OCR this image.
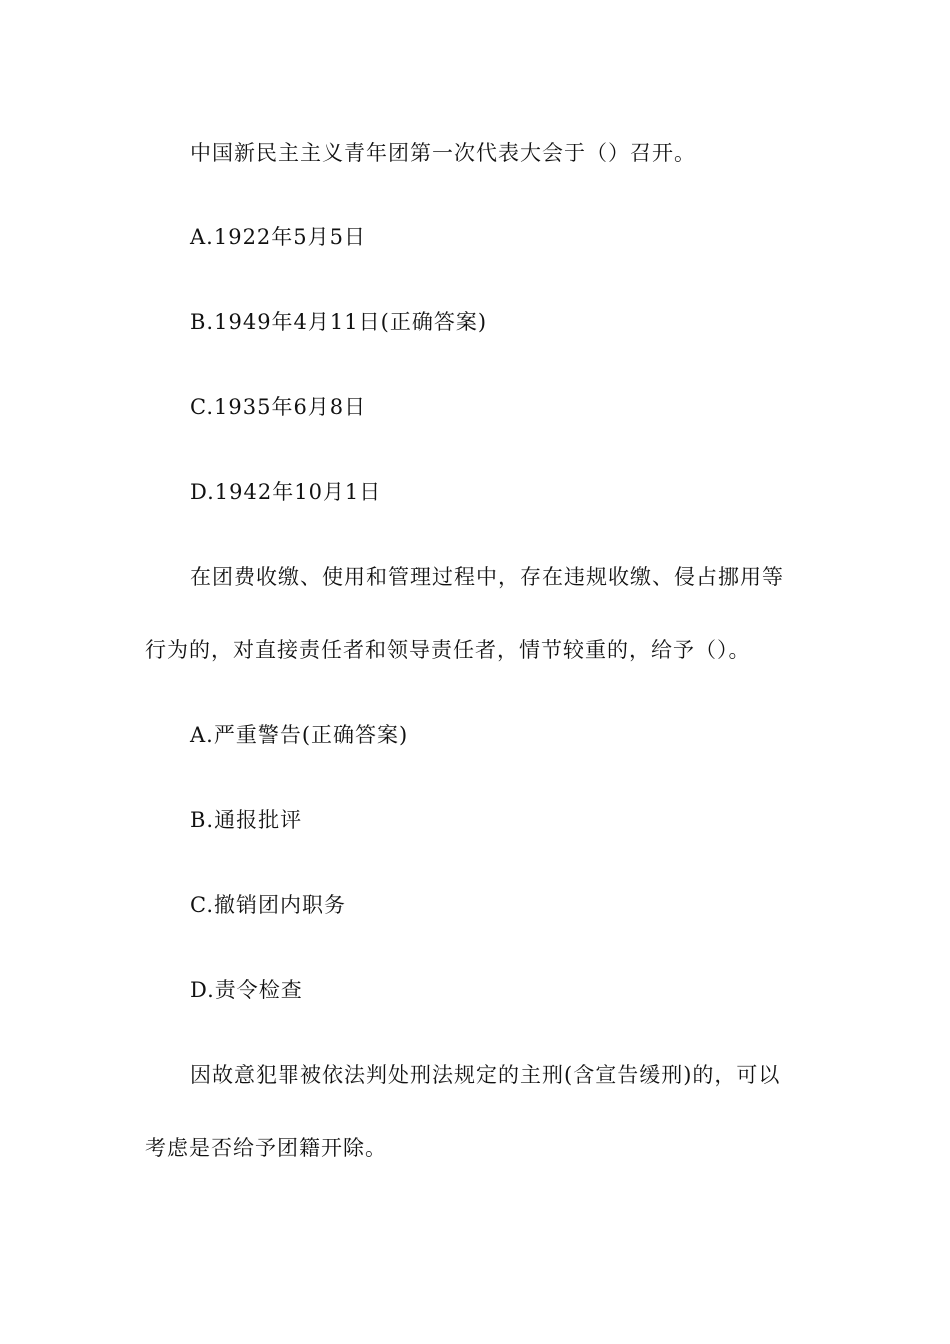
中国新民主主义青年团第一次代表大会于（）召开。
A.1922年5月5日
B.1949年4月11日(正确答案)
C.1935年6月8日
D.1942年10月1日
在团费收缴、使用和管理过程中，存在违规收缴、侵占挪用等
行为的，对直接责任者和领导责任者，情节较重的，给予（）。
A.严重警告(正确答案)
B.通报批评
C.撤销团内职务
D.责令检查
因故意犯罪被依法判处刑法规定的主刑(含宣告缓刑)的，可以
考虑是否给予团籍开除。
